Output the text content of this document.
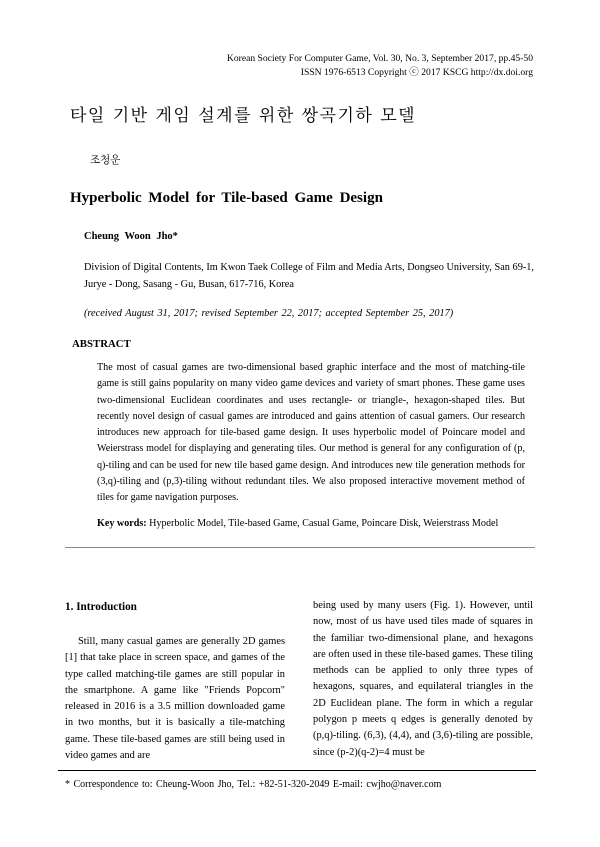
Korean Society For Computer Game, Vol. 30, No. 3, September 2017, pp.45-50
ISSN 1976-6513 Copyright ⓒ 2017 KSCG http://dx.doi.org
타일 기반 게임 설계를 위한 쌍곡기하 모델
조청운
Hyperbolic Model for Tile-based Game Design
Cheung Woon Jho*
Division of Digital Contents, Im Kwon Taek College of Film and Media Arts, Dongseo University, San 69-1, Jurye - Dong, Sasang - Gu, Busan, 617-716, Korea
(received August 31, 2017; revised September 22, 2017; accepted September 25, 2017)
ABSTRACT
The most of casual games are two-dimensional based graphic interface and the most of matching-tile game is still gains popularity on many video game devices and variety of smart phones. These game uses two-dimensional Euclidean coordinates and uses rectangle- or triangle-, hexagon-shaped tiles. But recently novel design of casual games are introduced and gains attention of casual gamers. Our research introduces new approach for tile-based game design. It uses hyperbolic model of Poincare model and Weierstrass model for displaying and generating tiles. Our method is general for any configuration of (p, q)-tiling and can be used for new tile based game design. And introduces new tile generation methods for (3,q)-tiling and (p,3)-tiling without redundant tiles. We also proposed interactive movement method of tiles for game navigation purposes.
Key words: Hyperbolic Model, Tile-based Game, Casual Game, Poincare Disk, Weierstrass Model
1. Introduction

Still, many casual games are generally 2D games [1] that take place in screen space, and games of the type called matching-tile games are still popular in the smartphone. A game like "Friends Popcorn" released in 2016 is a 3.5 million downloaded game in two months, but it is basically a tile-matching game. These tile-based games are still being used in video games and are

being used by many users (Fig. 1). However, until now, most of us have used tiles made of squares in the familiar two-dimensional plane, and hexagons are often used in these tile-based games. These tiling methods can be applied to only three types of hexagons, squares, and equilateral triangles in the 2D Euclidean plane. The form in which a regular polygon p meets q edges is generally denoted by (p,q)-tiling. (6,3), (4,4), and (3,6)-tiling are possible, since (p-2)(q-2)=4 must be

* Correspondence to: Cheung-Woon Jho, Tel.: +82-51-320-2049 E-mail: cwjho@naver.com
